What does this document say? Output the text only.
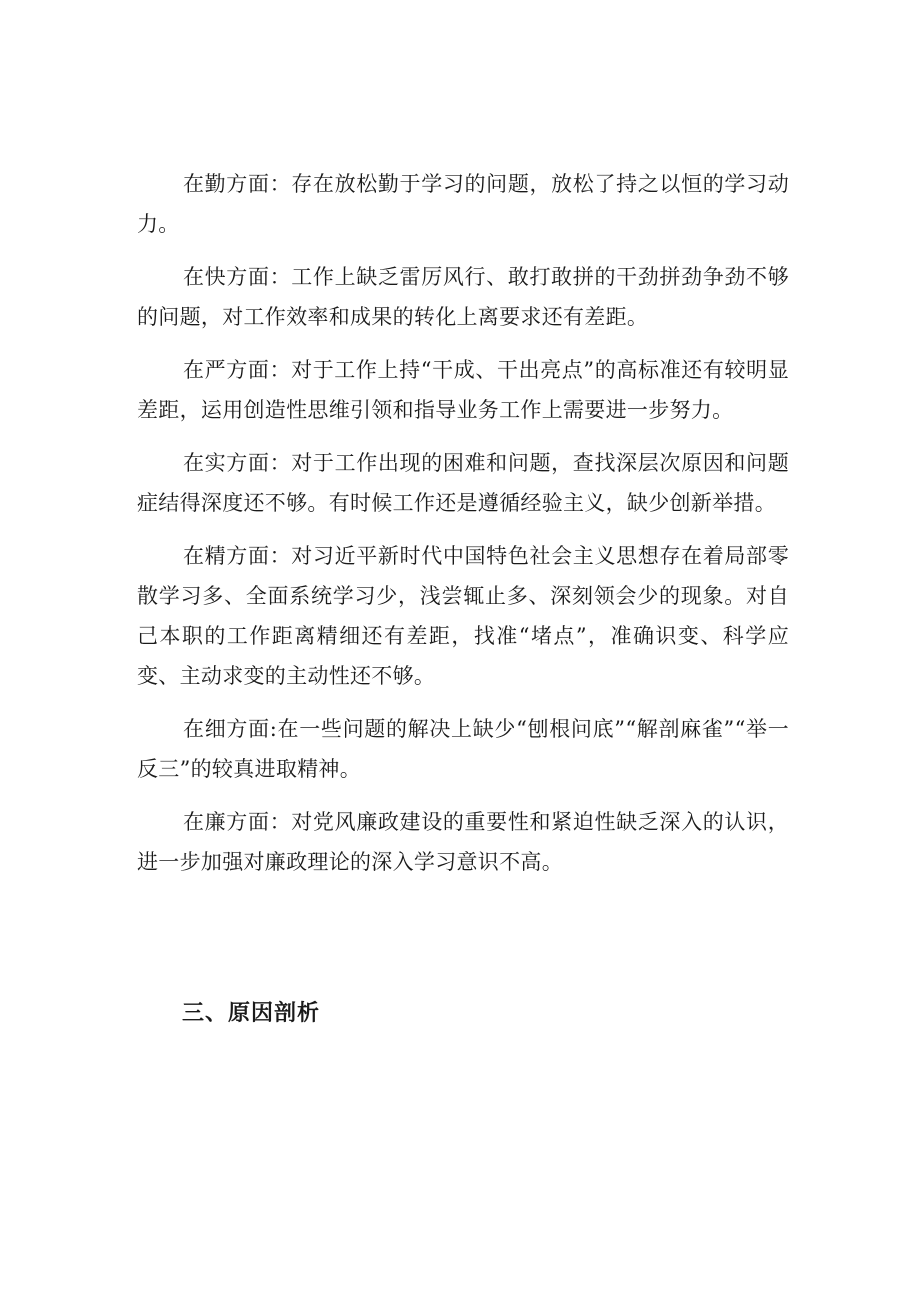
在勤方面：存在放松勤于学习的问题，放松了持之以恒的学习动力。

在快方面：工作上缺乏雷厉风行、敢打敢拼的干劲拼劲争劲不够的问题，对工作效率和成果的转化上离要求还有差距。

在严方面：对于工作上持“干成、干出亮点”的高标准还有较明显差距，运用创造性思维引领和指导业务工作上需要进一步努力。

在实方面：对于工作出现的困难和问题，查找深层次原因和问题症结得深度还不够。有时候工作还是遵循经验主义，缺少创新举措。

在精方面：对习近平新时代中国特色社会主义思想存在着局部零散学习多、全面系统学习少，浅尝辄止多、深刻领会少的现象。对自己本职的工作距离精细还有差距，找准“堵点”，准确识变、科学应变、主动求变的主动性还不够。

在细方面:在一些问题的解决上缺少“刨根问底”“解剖麻雀”“举一反三”的较真进取精神。

在廉方面：对党风廉政建设的重要性和紧迫性缺乏深入的认识，进一步加强对廉政理论的深入学习意识不高。

三、原因剖析
